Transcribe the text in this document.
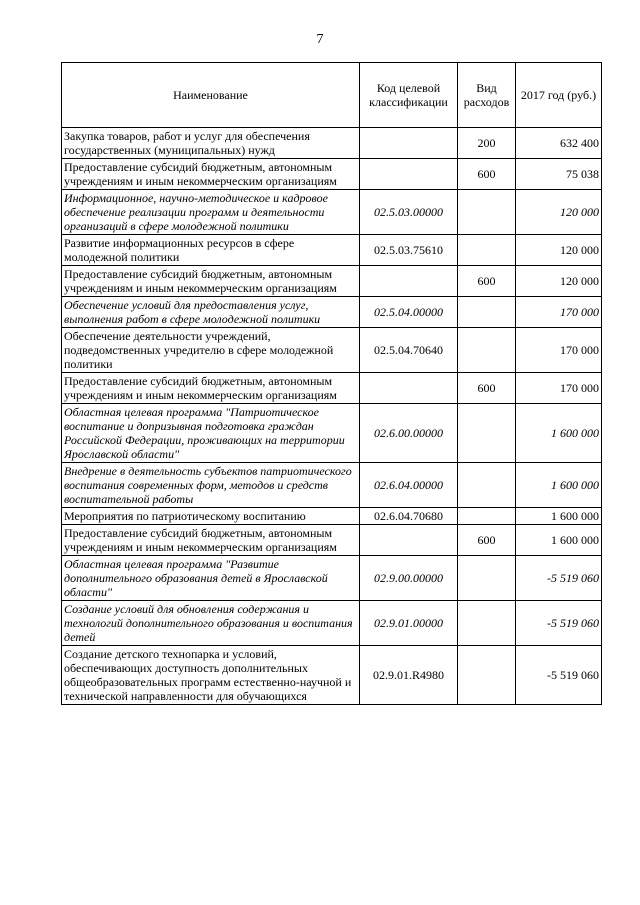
7
Наименование	Код целевой классификации	Вид расходов	2017 год (руб.)
Закупка товаров, работ и услуг для обеспечения государственных (муниципальных) нужд		200	632 400
Предоставление субсидий бюджетным, автономным учреждениям и иным некоммерческим организациям		600	75 038
Информационное, научно-методическое и кадровое обеспечение реализации программ и деятельности организаций в сфере молодежной политики	02.5.03.00000		120 000
Развитие информационных ресурсов в сфере молодежной политики	02.5.03.75610		120 000
Предоставление субсидий бюджетным, автономным учреждениям и иным некоммерческим организациям		600	120 000
Обеспечение условий для предоставления услуг, выполнения работ в сфере молодежной политики	02.5.04.00000		170 000
Обеспечение деятельности учреждений, подведомственных учредителю в сфере молодежной политики	02.5.04.70640		170 000
Предоставление субсидий бюджетным, автономным учреждениям и иным некоммерческим организациям		600	170 000
Областная целевая программа "Патриотическое воспитание и допризывная подготовка граждан Российской Федерации, проживающих на территории Ярославской области"	02.6.00.00000		1 600 000
Внедрение в деятельность субъектов патриотического воспитания современных форм, методов и средств воспитательной работы	02.6.04.00000		1 600 000
Мероприятия по патриотическому воспитанию	02.6.04.70680		1 600 000
Предоставление субсидий бюджетным, автономным учреждениям и иным некоммерческим организациям		600	1 600 000
Областная целевая программа "Развитие дополнительного образования детей в Ярославской области"	02.9.00.00000		-5 519 060
Создание условий для обновления содержания и технологий дополнительного образования и воспитания детей	02.9.01.00000		-5 519 060
Создание детского технопарка и условий, обеспечивающих доступность дополнительных общеобразовательных программ естественно-научной и технической направленности для обучающихся	02.9.01.R4980		-5 519 060
